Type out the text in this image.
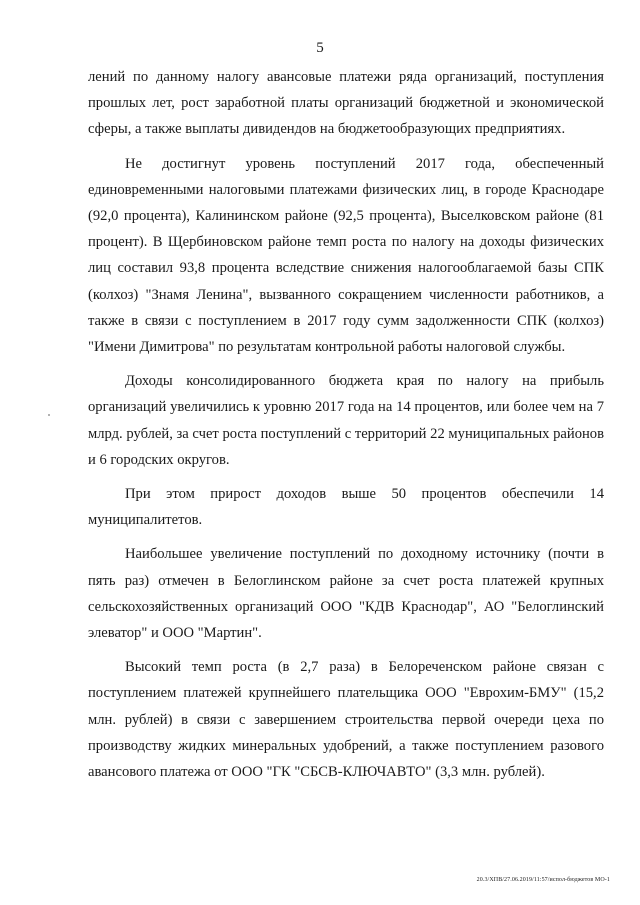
5

лений по данному налогу авансовые платежи ряда организаций, поступления прошлых лет, рост заработной платы организаций бюджетной и экономической сферы, а также выплаты дивидендов на бюджетообразующих предприятиях.

Не достигнут уровень поступлений 2017 года, обеспеченный единовременными налоговыми платежами физических лиц, в городе Краснодаре (92,0 процента), Калининском районе (92,5 процента), Выселковском районе (81 процент). В Щербиновском районе темп роста по налогу на доходы физических лиц составил 93,8 процента вследствие снижения налогооблагаемой базы СПК (колхоз) "Знамя Ленина", вызванного сокращением численности работников, а также в связи с поступлением в 2017 году сумм задолженности СПК (колхоз) "Имени Димитрова" по результатам контрольной работы налоговой службы.

Доходы консолидированного бюджета края по налогу на прибыль организаций увеличились к уровню 2017 года на 14 процентов, или более чем на 7 млрд. рублей, за счет роста поступлений с территорий 22 муниципальных районов и 6 городских округов.

При этом прирост доходов выше 50 процентов обеспечили 14 муниципалитетов.

Наибольшее увеличение поступлений по доходному источнику (почти в пять раз) отмечен в Белоглинском районе за счет роста платежей крупных сельскохозяйственных организаций ООО "КДВ Краснодар", АО "Белоглинский элеватор" и ООО "Мартин".

Высокий темп роста (в 2,7 раза) в Белореченском районе связан с поступлением платежей крупнейшего плательщика ООО "Еврохим-БМУ" (15,2 млн. рублей) в связи с завершением строительства первой очереди цеха по производству жидких минеральных удобрений, а также поступлением разового авансового платежа от ООО "ГК "СБСВ-КЛЮЧАВТО" (3,3 млн. рублей).

20.3/ХПВ/27.06.2019/11:57/испол-бюджетов МО-1
